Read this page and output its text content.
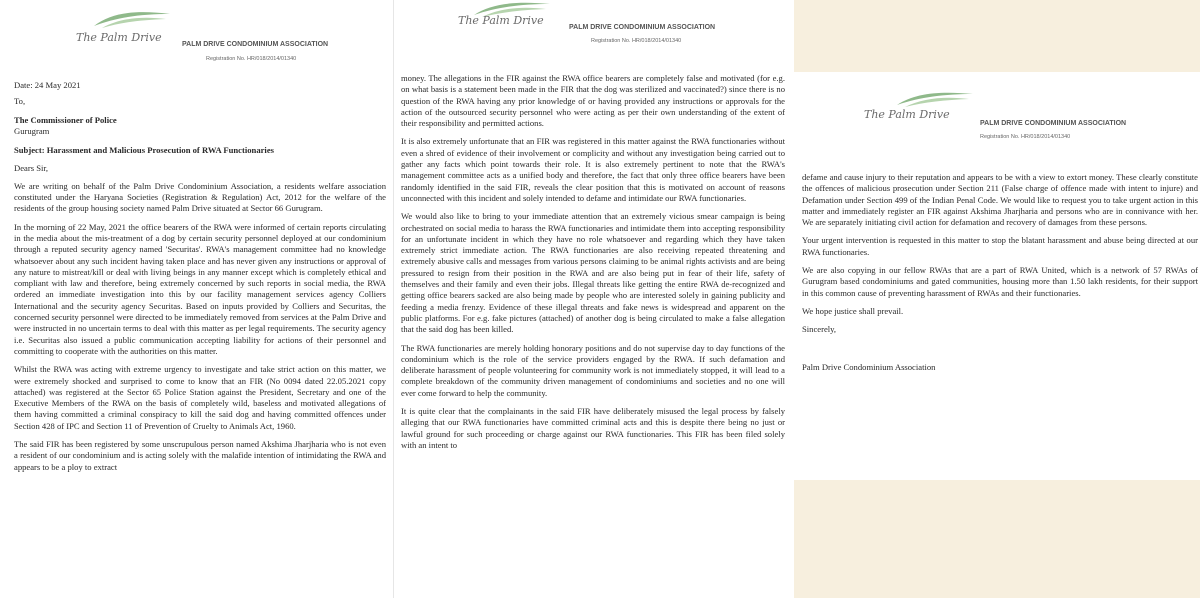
The Palm Drive
PALM DRIVE CONDOMINIUM ASSOCIATION
Registration No. HR/018/2014/01340
Date: 24 May 2021
To,
The Commissioner of Police
Gurugram
Subject: Harassment and Malicious Prosecution of RWA Functionaries
Dears Sir,

We are writing on behalf of the Palm Drive Condominium Association, a residents welfare association constituted under the Haryana Societies (Registration & Regulation) Act, 2012 for the welfare of the residents of the group housing society named Palm Drive situated at Sector 66 Gurugram.

In the morning of 22 May, 2021 the office bearers of the RWA were informed of certain reports circulating in the media about the mis-treatment of a dog by certain security personnel deployed at our condominium through a reputed security agency named 'Securitas'. RWA's management committee had no knowledge whatsoever about any such incident having taken place and has never given any instructions or approval of any nature to mistreat/kill or deal with living beings in any manner except which is completely ethical and compliant with law and therefore, being extremely concerned by such reports in social media, the RWA ordered an immediate investigation into this by our facility management services agency Colliers International and the security agency Securitas. Based on inputs provided by Colliers and Securitas, the concerned security personnel were directed to be immediately removed from services at the Palm Drive and were instructed in no uncertain terms to deal with this matter as per legal requirements. The security agency i.e. Securitas also issued a public communication accepting liability for actions of their personnel and committing to cooperate with the authorities on this matter.

Whilst the RWA was acting with extreme urgency to investigate and take strict action on this matter, we were extremely shocked and surprised to come to know that an FIR (No 0094 dated 22.05.2021 copy attached) was registered at the Sector 65 Police Station against the President, Secretary and one of the Executive Members of the RWA on the basis of completely wild, baseless and motivated allegations of them having committed a criminal conspiracy to kill the said dog and having committed offences under Section 428 of IPC and Section 11 of Prevention of Cruelty to Animals Act, 1960.

The said FIR has been registered by some unscrupulous person named Akshima Jharjharia who is not even a resident of our condominium and is acting solely with the malafide intention of intimidating the RWA and appears to be a ploy to extract

The Palm Drive
PALM DRIVE CONDOMINIUM ASSOCIATION
Registration No. HR/018/2014/01340

money. The allegations in the FIR against the RWA office bearers are completely false and motivated (for e.g. on what basis is a statement been made in the FIR that the dog was sterilized and vaccinated?) since there is no question of the RWA having any prior knowledge of or having provided any instructions or approvals for the action of the outsourced security personnel who were acting as per their own understanding of the extent of their responsibility and permitted actions.

It is also extremely unfortunate that an FIR was registered in this matter against the RWA functionaries without even a shred of evidence of their involvement or complicity and without any investigation being carried out to gather any facts which point towards their role. It is also extremely pertinent to note that the RWA's management committee acts as a unified body and therefore, the fact that only three office bearers have been randomly identified in the said FIR, reveals the clear position that this is motivated on account of reasons unconnected with this incident and solely intended to defame and intimidate our RWA functionaries.

We would also like to bring to your immediate attention that an extremely vicious smear campaign is being orchestrated on social media to harass the RWA functionaries and intimidate them into accepting responsibility for an unfortunate incident in which they have no role whatsoever and regarding which they have taken extremely strict immediate action. The RWA functionaries are also receiving repeated threatening and extremely abusive calls and messages from various persons claiming to be animal rights activists and are being pressured to resign from their position in the RWA and are also being put in fear of their life, safety of themselves and their family and even their jobs. Illegal threats like getting the entire RWA de-recognized and getting office bearers sacked are also being made by people who are interested solely in gaining publicity and feeding a media frenzy. Evidence of these illegal threats and fake news is widespread and apparent on the public platforms. For e.g. fake pictures (attached) of another dog is being circulated to make a false allegation that the said dog has been killed.

The RWA functionaries are merely holding honorary positions and do not supervise day to day functions of the condominium which is the role of the service providers engaged by the RWA. If such defamation and deliberate harassment of people volunteering for community work is not immediately stopped, it will lead to a complete breakdown of the community driven management of condominiums and societies and no one will ever come forward to help the community.

It is quite clear that the complainants in the said FIR have deliberately misused the legal process by falsely alleging that our RWA functionaries have committed criminal acts and this is despite there being no just or lawful ground for such proceeding or charge against our RWA functionaries. This FIR has been filed solely with an intent to

The Palm Drive
PALM DRIVE CONDOMINIUM ASSOCIATION
Registration No. HR/018/2014/01340

defame and cause injury to their reputation and appears to be with a view to extort money. These clearly constitute the offences of malicious prosecution under Section 211 (False charge of offence made with intent to injure) and Defamation under Section 499 of the Indian Penal Code. We would like to request you to take urgent action in this matter and immediately register an FIR against Akshima Jharjharia and persons who are in connivance with her. We are separately initiating civil action for defamation and recovery of damages from these persons.

Your urgent intervention is requested in this matter to stop the blatant harassment and abuse being directed at our RWA functionaries.

We are also copying in our fellow RWAs that are a part of RWA United, which is a network of 57 RWAs of Gurugram based condominiums and gated communities, housing more than 1.50 lakh residents, for their support in this common cause of preventing harassment of RWAs and their functionaries.

We hope justice shall prevail.

Sincerely,

Palm Drive Condominium Association
